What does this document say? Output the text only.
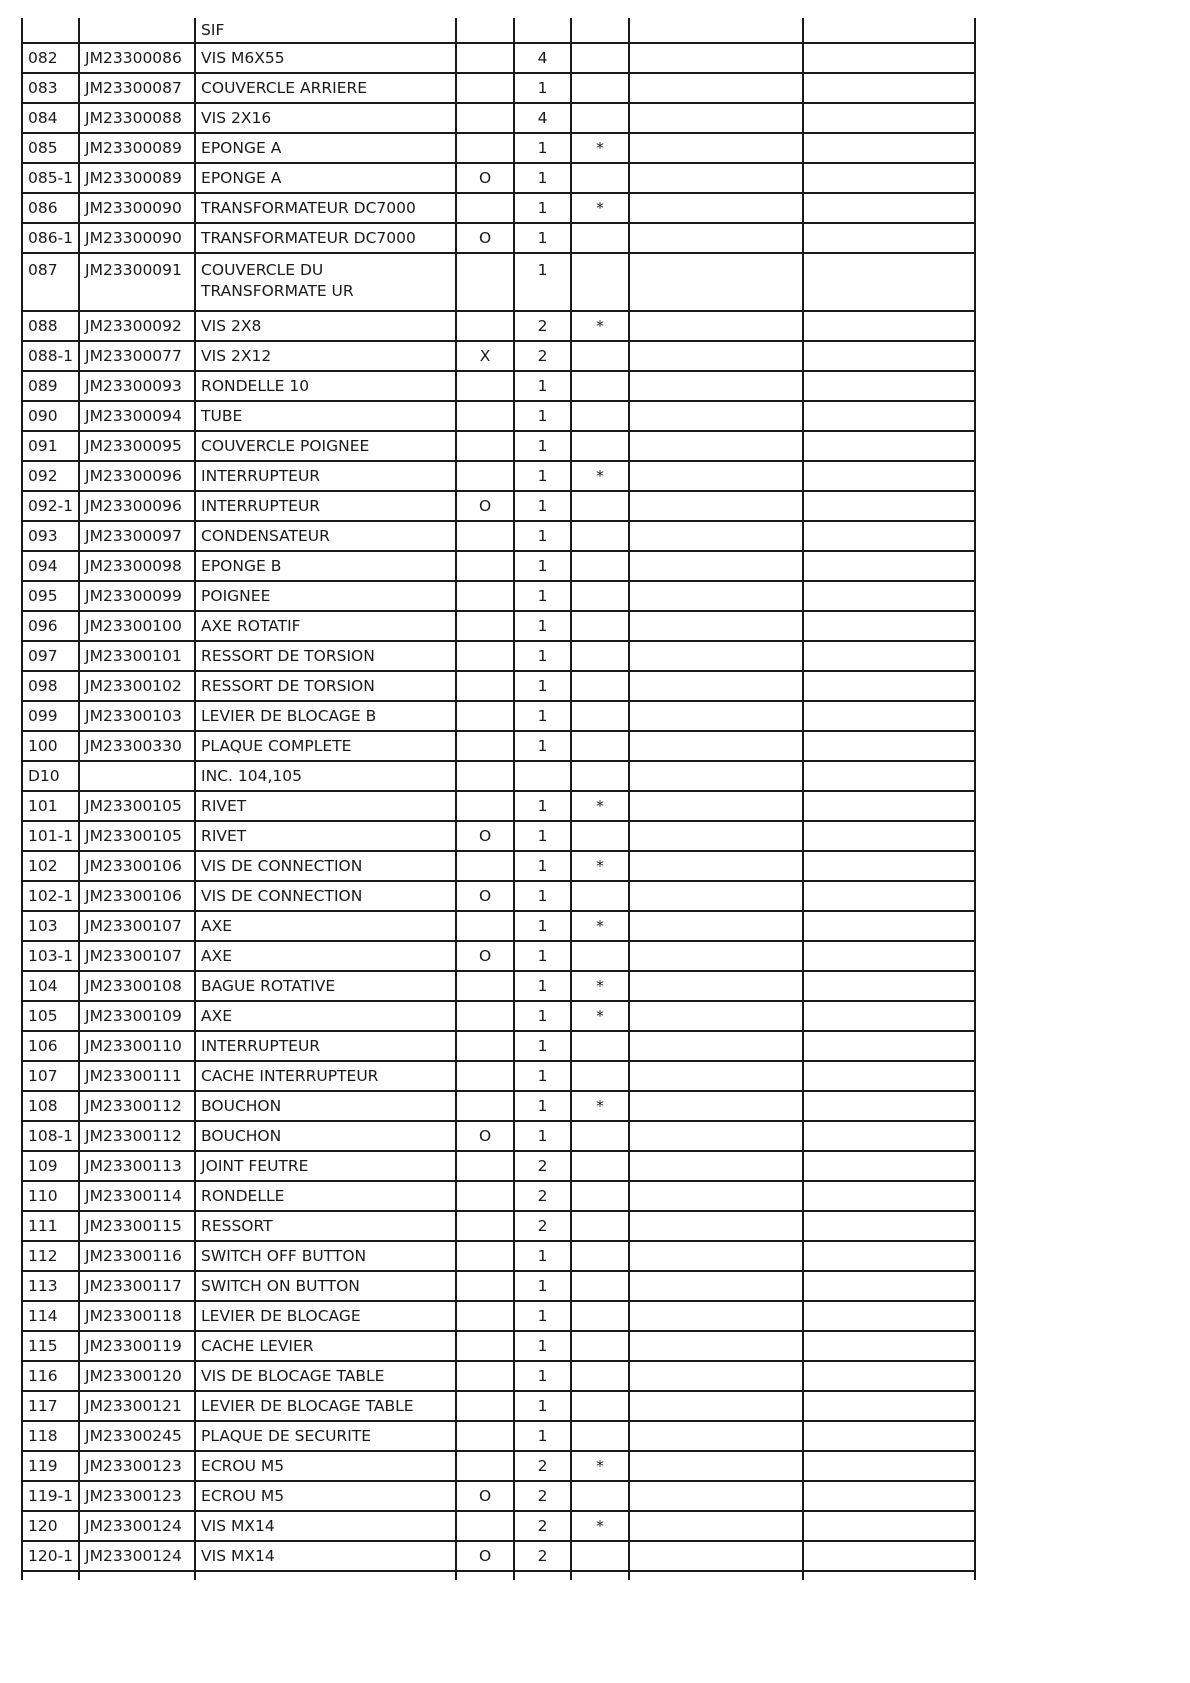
		SIF					
082	JM23300086	VIS M6X55		4			
083	JM23300087	COUVERCLE ARRIERE		1			
084	JM23300088	VIS 2X16		4			
085	JM23300089	EPONGE A		1	*		
085-1	JM23300089	EPONGE A	O	1			
086	JM23300090	TRANSFORMATEUR DC7000		1	*		
086-1	JM23300090	TRANSFORMATEUR DC7000	O	1			
087	JM23300091	COUVERCLE DU TRANSFORMATE UR		1			
088	JM23300092	VIS 2X8		2	*		
088-1	JM23300077	VIS 2X12	X	2			
089	JM23300093	RONDELLE 10		1			
090	JM23300094	TUBE		1			
091	JM23300095	COUVERCLE POIGNEE		1			
092	JM23300096	INTERRUPTEUR		1	*		
092-1	JM23300096	INTERRUPTEUR	O	1			
093	JM23300097	CONDENSATEUR		1			
094	JM23300098	EPONGE B		1			
095	JM23300099	POIGNEE		1			
096	JM23300100	AXE ROTATIF		1			
097	JM23300101	RESSORT DE TORSION		1			
098	JM23300102	RESSORT DE TORSION		1			
099	JM23300103	LEVIER DE BLOCAGE B		1			
100	JM23300330	PLAQUE COMPLETE		1			
D10		INC. 104,105					
101	JM23300105	RIVET		1	*		
101-1	JM23300105	RIVET	O	1			
102	JM23300106	VIS DE CONNECTION		1	*		
102-1	JM23300106	VIS DE CONNECTION	O	1			
103	JM23300107	AXE		1	*		
103-1	JM23300107	AXE	O	1			
104	JM23300108	BAGUE ROTATIVE		1	*		
105	JM23300109	AXE		1	*		
106	JM23300110	INTERRUPTEUR		1			
107	JM23300111	CACHE INTERRUPTEUR		1			
108	JM23300112	BOUCHON		1	*		
108-1	JM23300112	BOUCHON	O	1			
109	JM23300113	JOINT FEUTRE		2			
110	JM23300114	RONDELLE		2			
111	JM23300115	RESSORT		2			
112	JM23300116	SWITCH OFF BUTTON		1			
113	JM23300117	SWITCH ON BUTTON		1			
114	JM23300118	LEVIER DE BLOCAGE		1			
115	JM23300119	CACHE LEVIER		1			
116	JM23300120	VIS DE BLOCAGE TABLE		1			
117	JM23300121	LEVIER DE BLOCAGE TABLE		1			
118	JM23300245	PLAQUE DE SECURITE		1			
119	JM23300123	ECROU M5		2	*		
119-1	JM23300123	ECROU M5	O	2			
120	JM23300124	VIS MX14		2	*		
120-1	JM23300124	VIS MX14	O	2			
